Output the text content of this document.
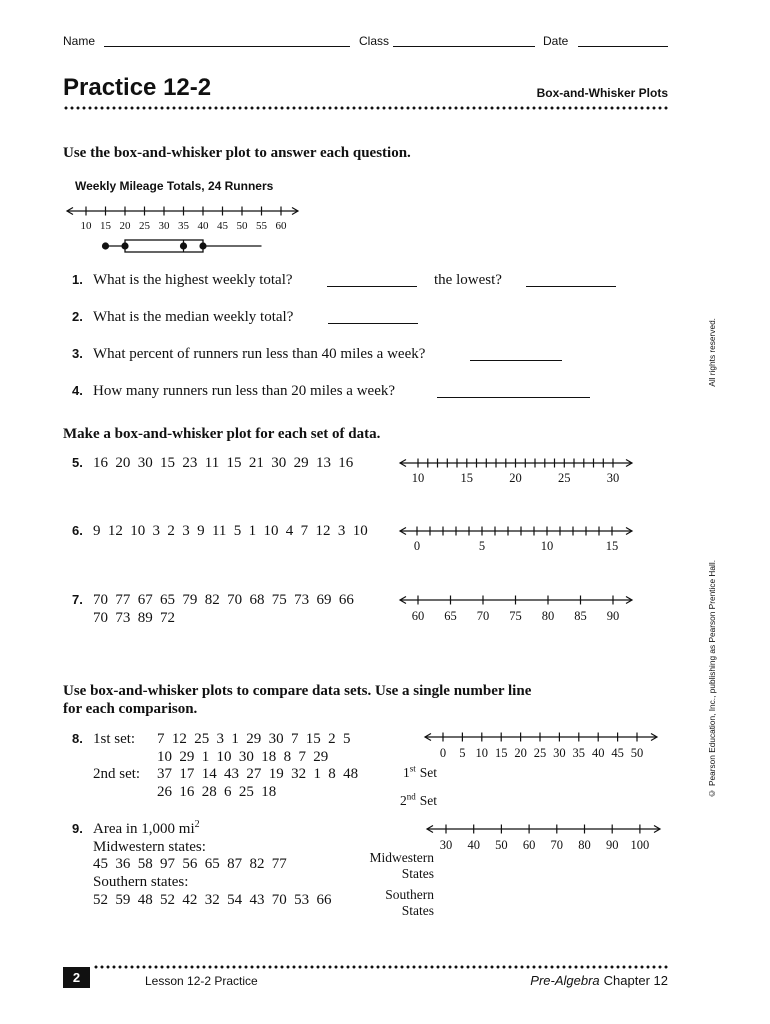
Name	Class	Date
Practice 12-2	Box-and-Whisker Plots
Use the box-and-whisker plot to answer each question.
Weekly Mileage Totals, 24 Runners
1. What is the highest weekly total?	the lowest?
2. What is the median weekly total?
3. What percent of runners run less than 40 miles a week?
4. How many runners run less than 20 miles a week?
Make a box-and-whisker plot for each set of data.
5. 16 20 30 15 23 11 15 21 30 29 13 16
6. 9 12 10 3 2 3 9 11 5 1 10 4 7 12 3 10
7. 70 77 67 65 79 82 70 68 75 73 69 66
70 73 89 72
Use box-and-whisker plots to compare data sets. Use a single number line
for each comparison.
8. 1st set: 7 12 25 3 1 29 30 7 15 2 5
10 29 1 10 30 18 8 7 29
2nd set: 37 17 14 43 27 19 32 1 8 48
26 16 28 6 25 18
1st Set
2nd Set
9. Area in 1,000 $mi^2$
Midwestern states:
45 36 58 97 56 65 87 82 77
Southern states:
52 59 48 52 42 32 54 43 70 53 66
Midwestern
States
Southern
States
All rights reserved.
© Pearson Education, Inc., publishing as Pearson Prentice Hall.
2	Lesson 12-2 Practice	Pre-Algebra Chapter 12
10 15 20 25 30 35 40 45 50 55 60
10	15	20	25	30
0	5	10	15
60 65 70 75 80 85 90
0 5 10 15 20 25 30 35 40 45 50
30 40 50 60 70 80 90 100
